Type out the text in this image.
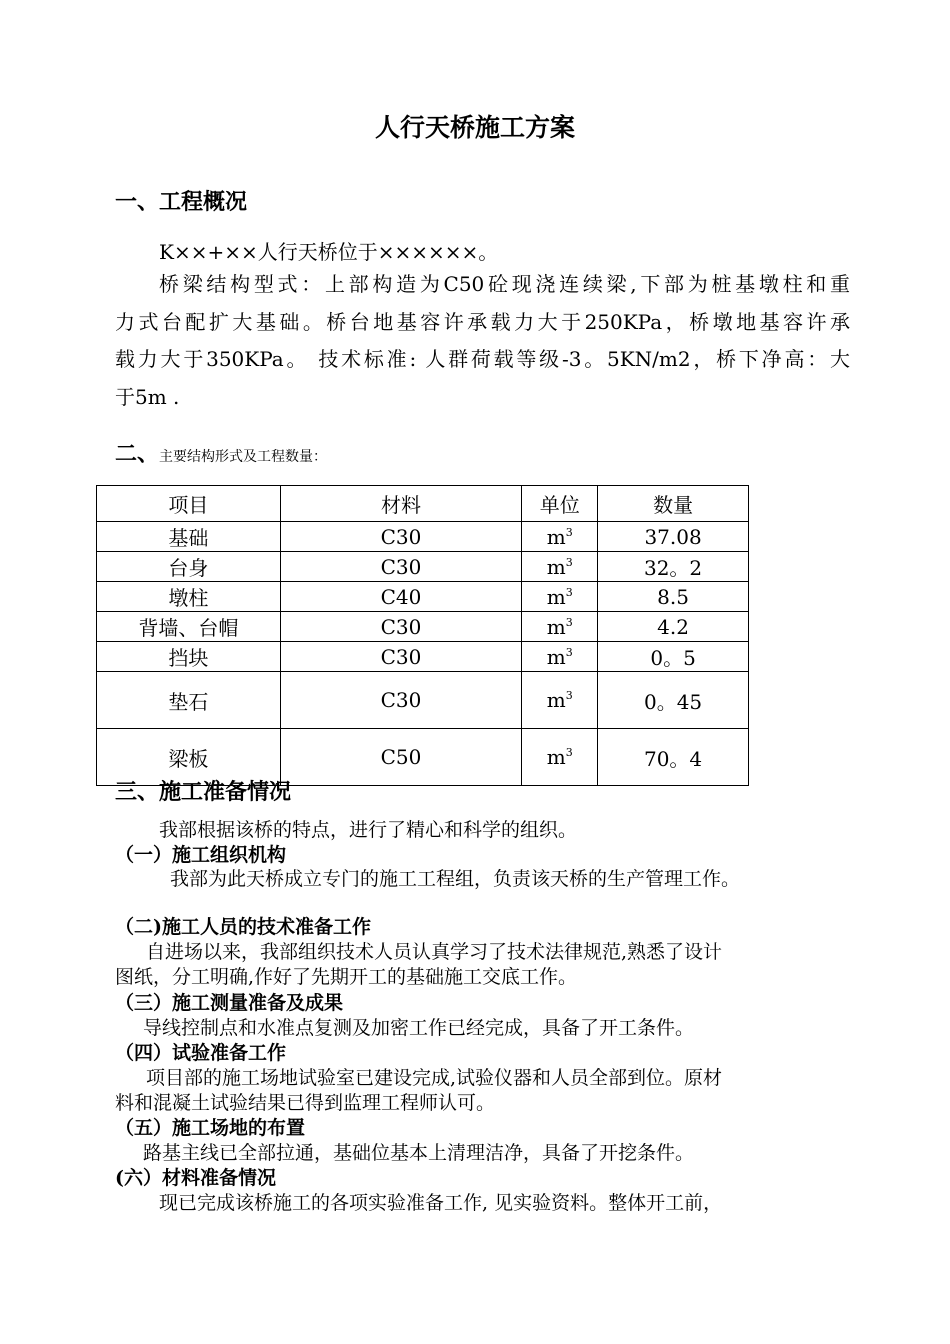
人行天桥施工方案
一、工程概况
K××+××人行天桥位于××××××。
桥梁结构型式：上部构造为C50砼现浇连续梁,下部为桩基墩柱和重
力式台配扩大基础。桥台地基容许承载力大于250KPa，桥墩地基容许承
载力大于350KPa。 技术标准: 人群荷载等级-3。5KN/m2，桥下净高：大
于5m .
二、主要结构形式及工程数量：
项目	材料	单位	数量
基础	C30	$m^3$	37.08
台身	C30	$m^3$	32。2
墩柱	C40	$m^3$	8.5
背墙、台帽	C30	$m^3$	4.2
挡块	C30	$m^3$	0。5
垫石	C30	$m^3$	0。45
梁板	C50	$m^3$	70。4
三、施工准备情况
我部根据该桥的特点，进行了精心和科学的组织。
（一）施工组织机构
我部为此天桥成立专门的施工工程组，负责该天桥的生产管理工作。
（二)施工人员的技术准备工作
自进场以来，我部组织技术人员认真学习了技术法律规范,熟悉了设计
图纸，分工明确,作好了先期开工的基础施工交底工作。
（三）施工测量准备及成果
导线控制点和水准点复测及加密工作已经完成，具备了开工条件。
（四）试验准备工作
项目部的施工场地试验室已建设完成,试验仪器和人员全部到位。原材
料和混凝土试验结果已得到监理工程师认可。
（五）施工场地的布置
路基主线已全部拉通，基础位基本上清理洁净，具备了开挖条件。
(六）材料准备情况
现已完成该桥施工的各项实验准备工作, 见实验资料。整体开工前，
